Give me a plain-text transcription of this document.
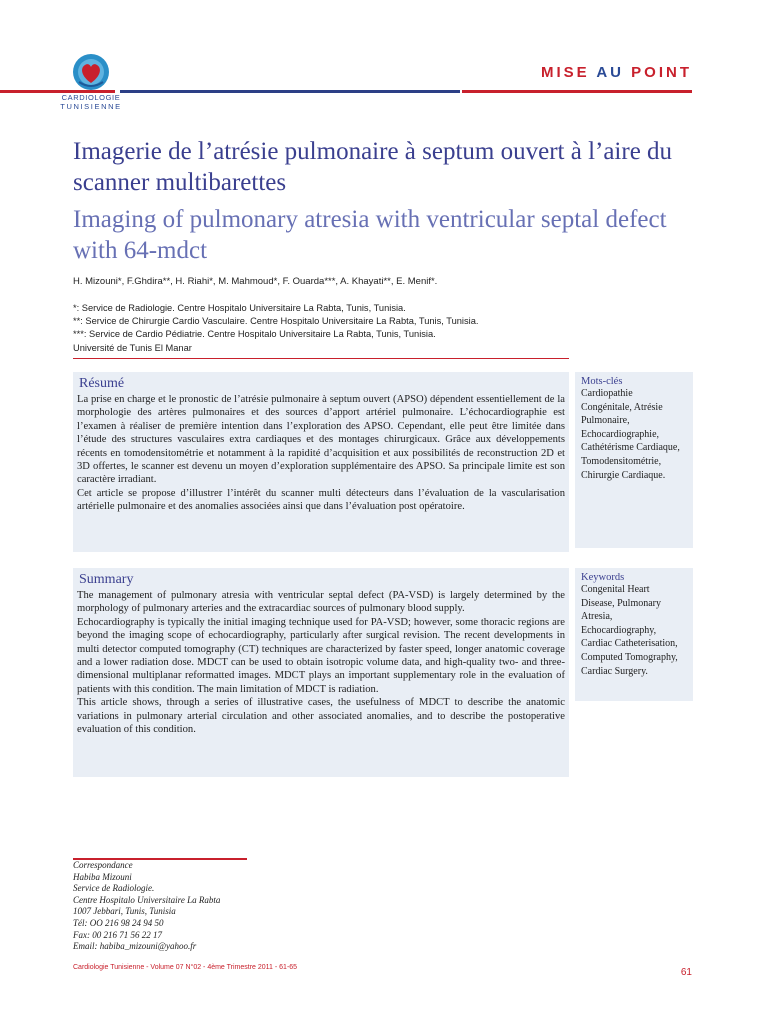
CARDIOLOGIE
TUNISIENNE
MISE AU POINT
Imagerie de l’atrésie pulmonaire à septum ouvert à l’aire du scanner multibarettes
Imaging of pulmonary atresia with ventricular septal defect with 64-mdct
H. Mizouni*, F.Ghdira**, H. Riahi*, M. Mahmoud*, F. Ouarda***, A. Khayati**, E. Menif*.
*: Service de Radiologie. Centre Hospitalo Universitaire La Rabta, Tunis, Tunisia.
**: Service de Chirurgie Cardio Vasculaire. Centre Hospitalo Universitaire La Rabta, Tunis, Tunisia.
***: Service de Cardio Pédiatrie. Centre Hospitalo Universitaire La Rabta, Tunis, Tunisia.
Université de Tunis El Manar
Résumé
La prise en charge et le pronostic de l’atrésie pulmonaire à septum ouvert (APSO) dépendent essentiellement de la morphologie des artères pulmonaires et des sources d’apport artériel pulmonaire. L’échocardiographie est l’examen à réaliser de première intention dans l’exploration des APSO. Cependant, elle peut être limitée dans l’étude des structures vasculaires extra cardiaques et des montages chirurgicaux. Grâce aux développements récents en tomodensitométrie et notamment à la rapidité d’acquisition et aux possibilités de reconstruction 2D et 3D offertes, le scanner est devenu un moyen d’exploration supplémentaire des APSO. Sa principale limite est son caractère irradiant.
Cet article se propose d’illustrer l’intérêt du scanner multi détecteurs dans l’évaluation de la vascularisation artérielle pulmonaire et des anomalies associées ainsi que dans l’évaluation post opératoire.
Mots-clés
Cardiopathie
Congénitale, Atrésie
Pulmonaire,
Echocardiographie,
Cathétérisme Cardiaque,
Tomodensitométrie,
Chirurgie Cardiaque.
Summary
The management of pulmonary atresia with ventricular septal defect (PA-VSD) is largely determined by the morphology of pulmonary arteries and the extracardiac sources of pulmonary blood supply.
Echocardiography is typically the initial imaging technique used for PA-VSD; however, some thoracic regions are beyond the imaging scope of echocardiography, particularly after surgical revision. The recent developments in multi detector computed tomography (CT) techniques are characterized by faster speed, longer anatomic coverage and a lower radiation dose. MDCT can be used to obtain isotropic volume data, and high-quality two- and three-dimensional multiplanar reformatted images. MDCT plays an important supplementary role in the evaluation of patients with this condition. The main limitation of MDCT is radiation.
This article shows, through a series of illustrative cases, the usefulness of MDCT to describe the anatomic variations in pulmonary arterial circulation and other associated anomalies, and to describe the postoperative evaluation of this condition.
Keywords
Congenital Heart
Disease, Pulmonary
Atresia,
Echocardiography,
Cardiac Catheterisation,
Computed Tomography,
Cardiac Surgery.
Correspondance
Habiba Mizouni
Service de Radiologie.
Centre Hospitalo Universitaire La Rabta
1007 Jebbari, Tunis, Tunisia
Tél: OO 216 98 24 94 50
Fax: 00 216 71 56 22 17
Email: habiba_mizouni@yahoo.fr
Cardiologie Tunisienne - Volume 07 N°02 - 4ème Trimestre 2011 - 61-65	61
